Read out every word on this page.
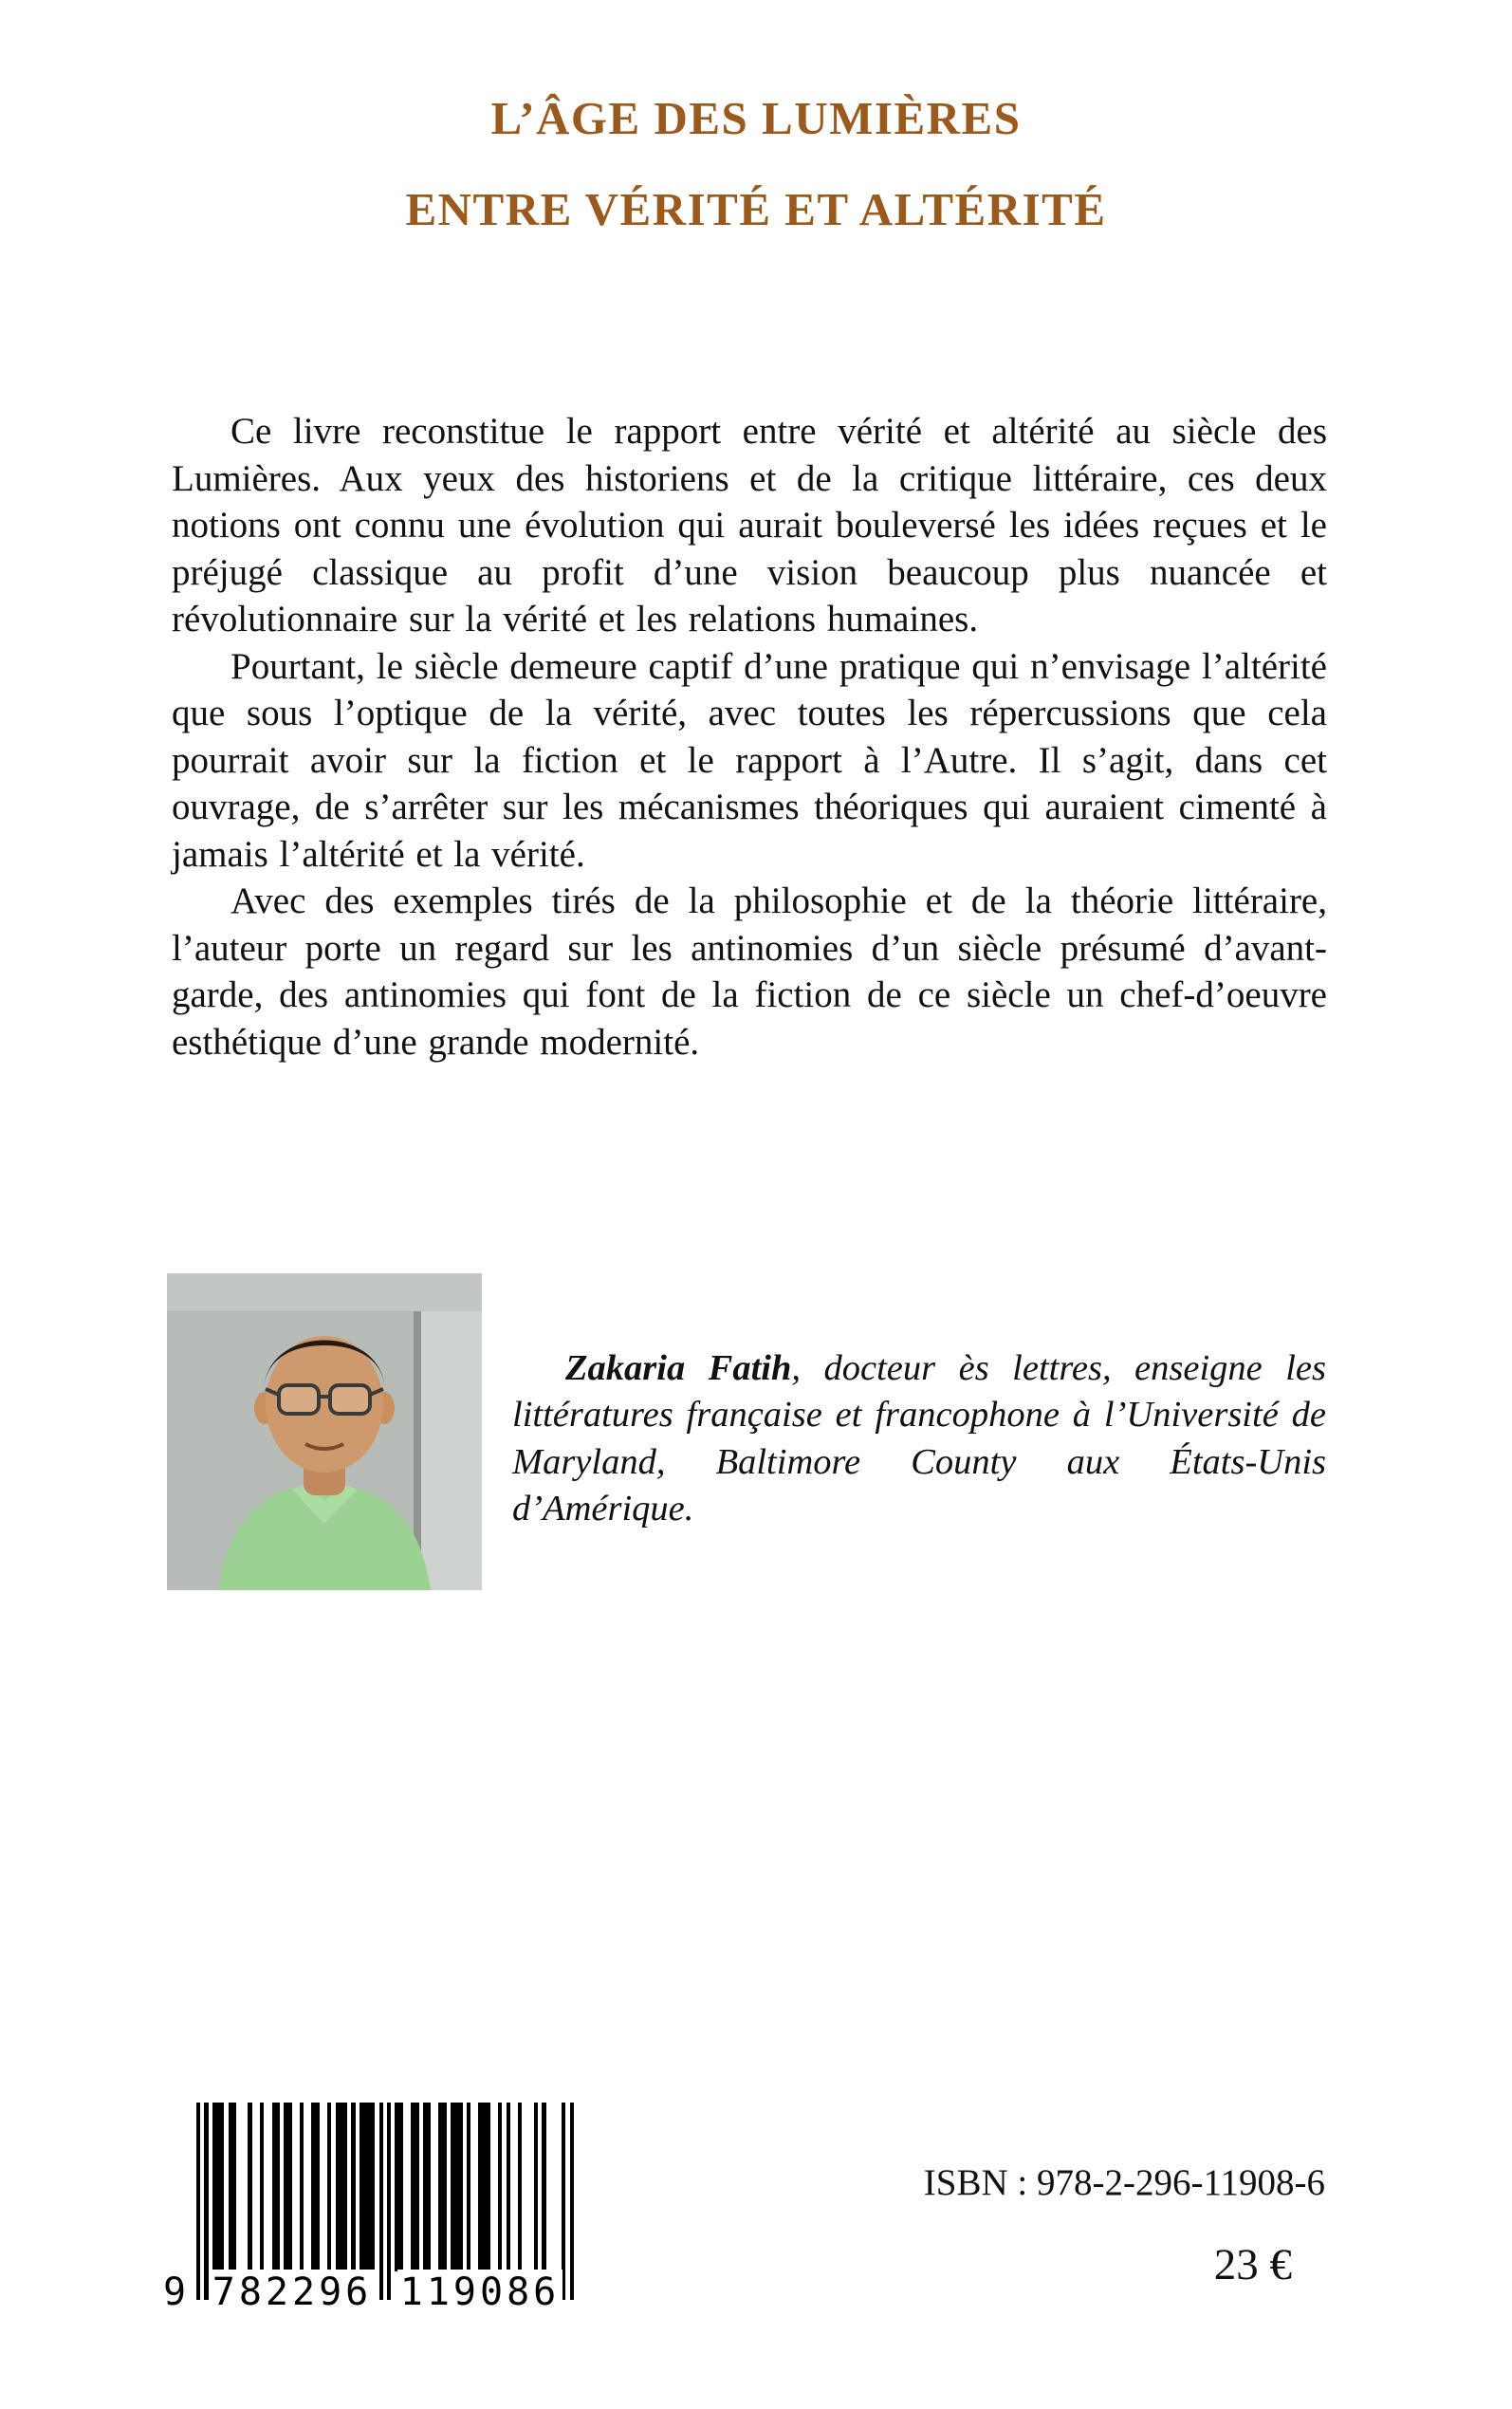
L’ÂGE DES LUMIÈRES
ENTRE VÉRITÉ ET ALTÉRITÉ

Ce livre reconstitue le rapport entre vérité et altérité au siècle des Lumières. Aux yeux des historiens et de la critique littéraire, ces deux notions ont connu une évolution qui aurait bouleversé les idées reçues et le préjugé classique au profit d’une vision beaucoup plus nuancée et révolutionnaire sur la vérité et les relations humaines.

Pourtant, le siècle demeure captif d’une pratique qui n’envisage l’altérité que sous l’optique de la vérité, avec toutes les répercussions que cela pourrait avoir sur la fiction et le rapport à l’Autre. Il s’agit, dans cet ouvrage, de s’arrêter sur les mécanismes théoriques qui auraient cimenté à jamais l’altérité et la vérité.

Avec des exemples tirés de la philosophie et de la théorie littéraire, l’auteur porte un regard sur les antinomies d’un siècle présumé d’avant-garde, des antinomies qui font de la fiction de ce siècle un chef-d’oeuvre esthétique d’une grande modernité.

Zakaria Fatih, docteur ès lettres, enseigne les littératures française et francophone à l’Université de Maryland, Baltimore County aux États-Unis d’Amérique.
9 782296 119086
ISBN : 978-2-296-11908-6
23 €
